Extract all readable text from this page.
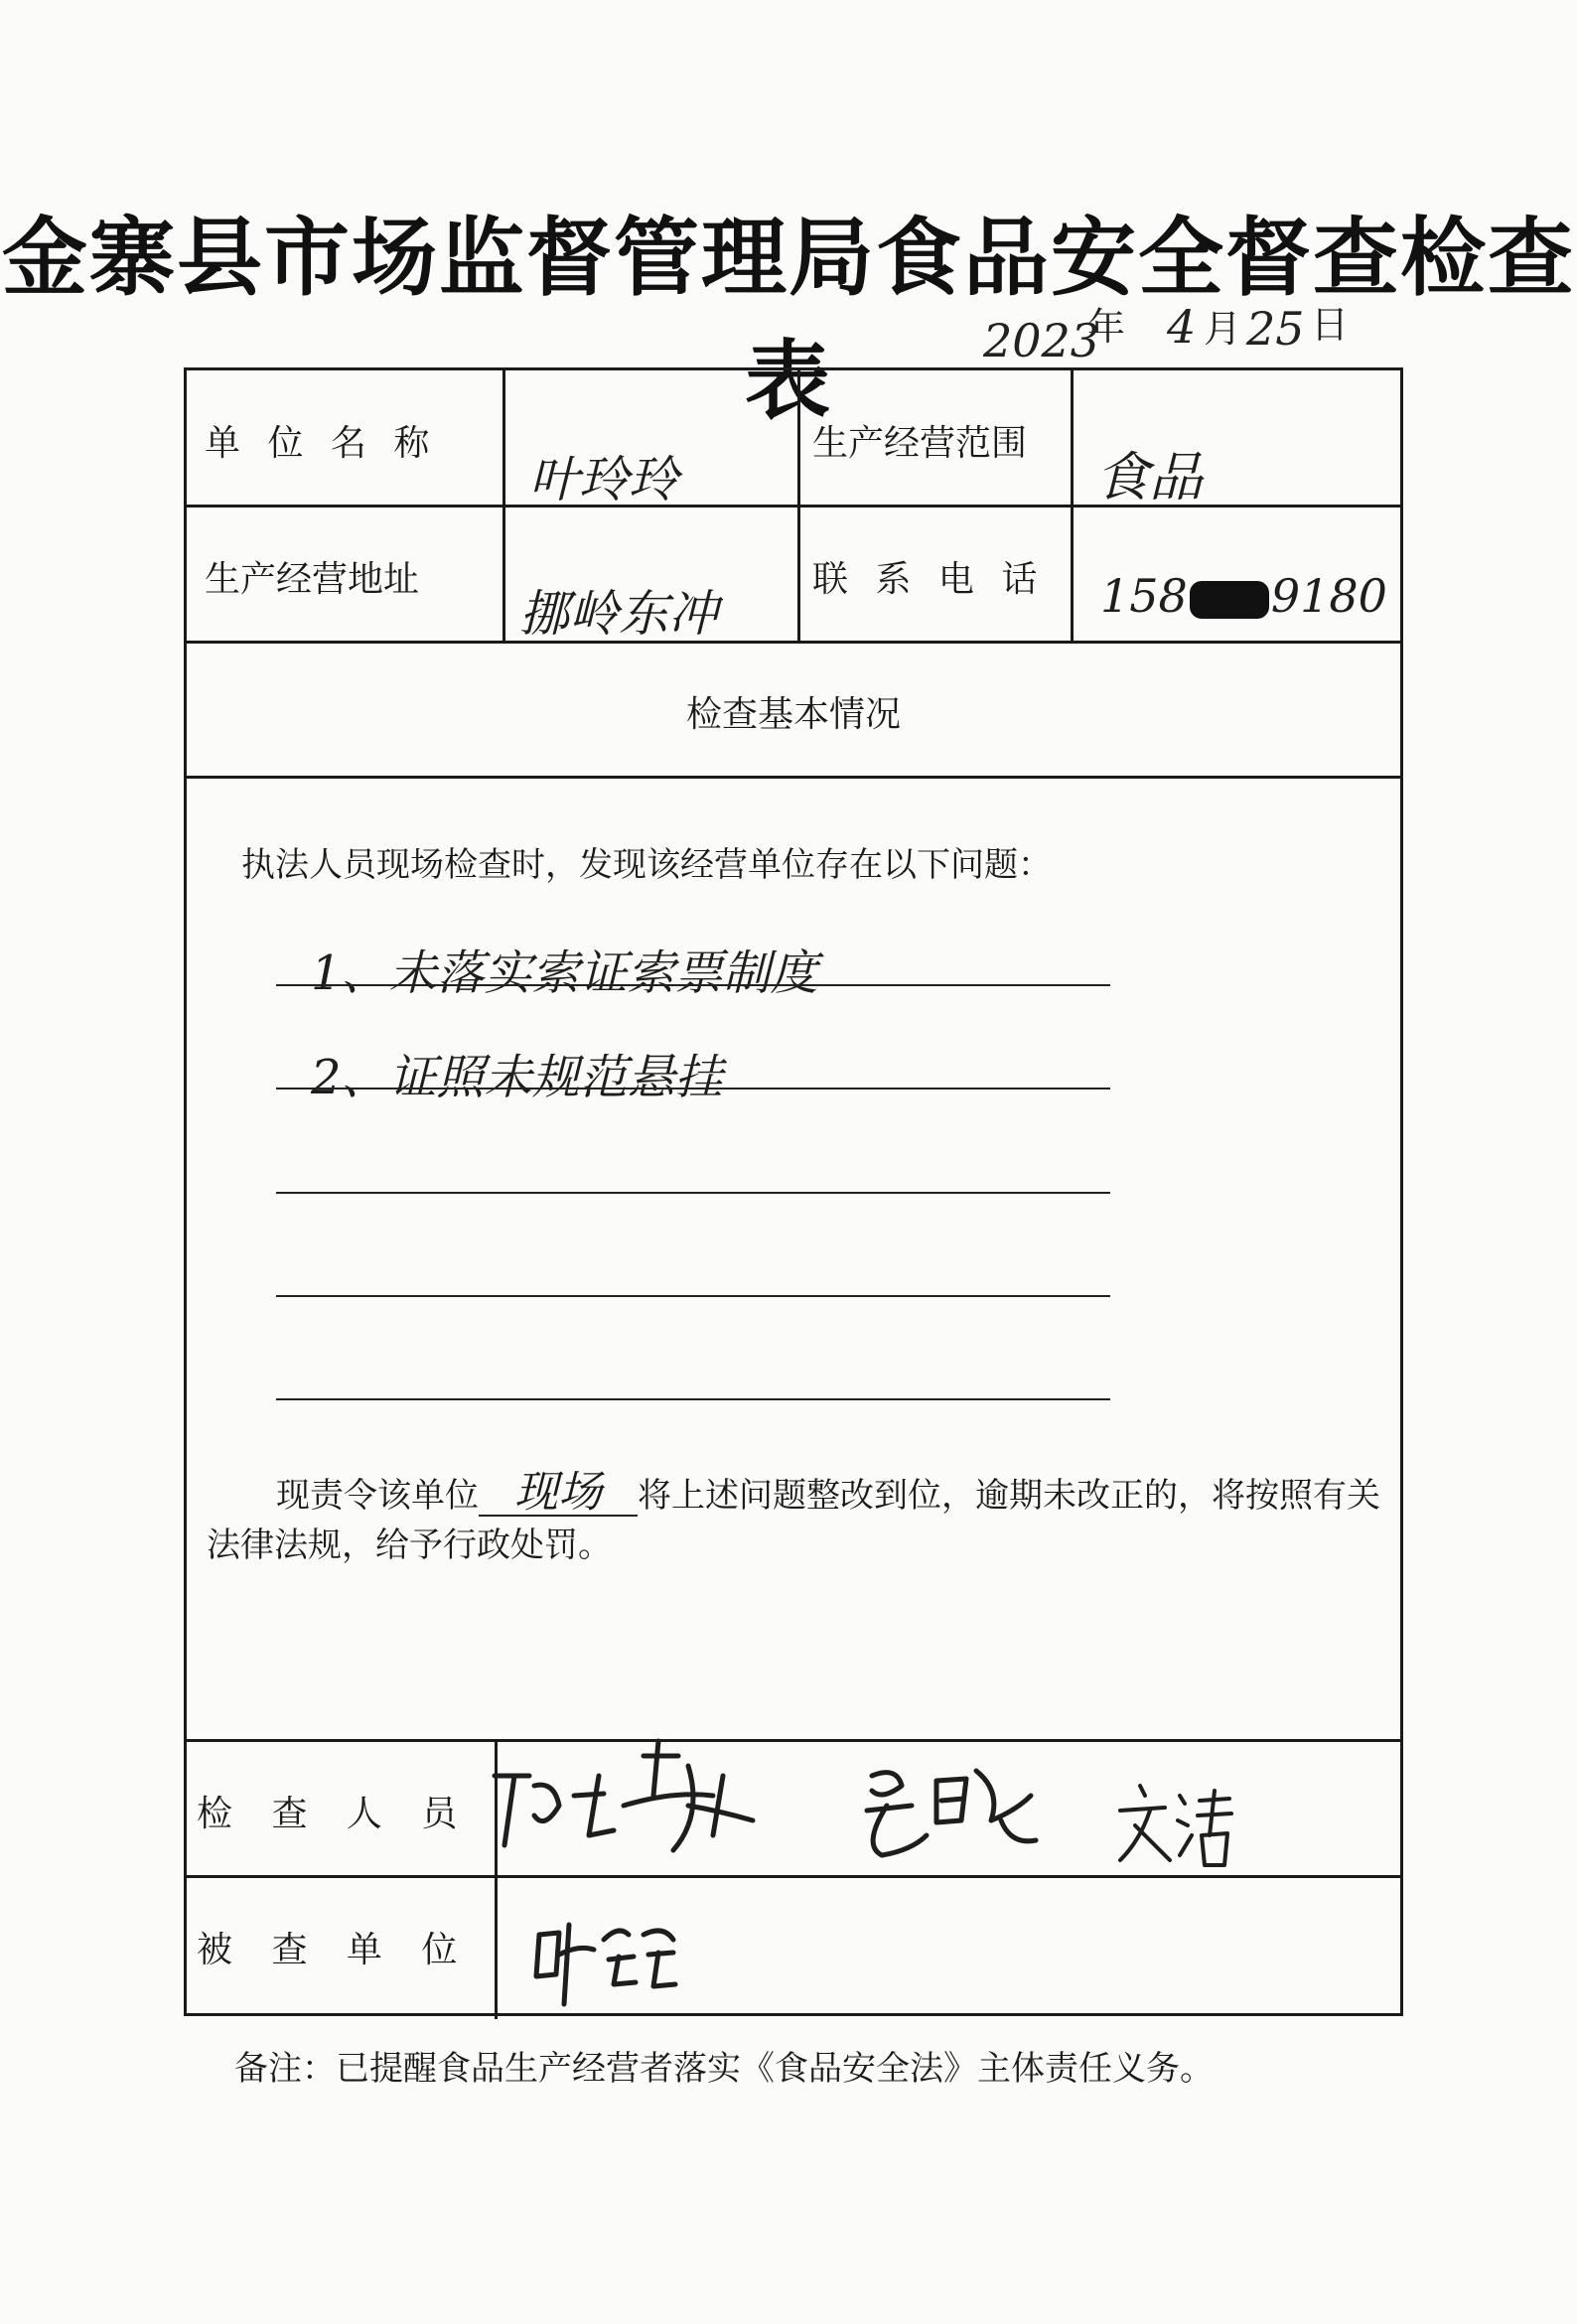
金寨县市场监督管理局食品安全督查检查表	2023
年 4 月 25 日
单 位 名 称
叶玲玲
生产经营范围
食品
生产经营地址
挪岭东冲
联 系 电 话 158 9180
检查基本情况
执法人员现场检查时，发现该经营单位存在以下问题：
1、未落实索证索票制度
2、证照未规范悬挂
现责令该单位 现场 将上述问题整改到位，逾期未改正的，将按照有关法律法规，给予行政处罚。
检 查 人 员
被 查 单 位
备注：已提醒食品生产经营者落实《食品安全法》主体责任义务。
